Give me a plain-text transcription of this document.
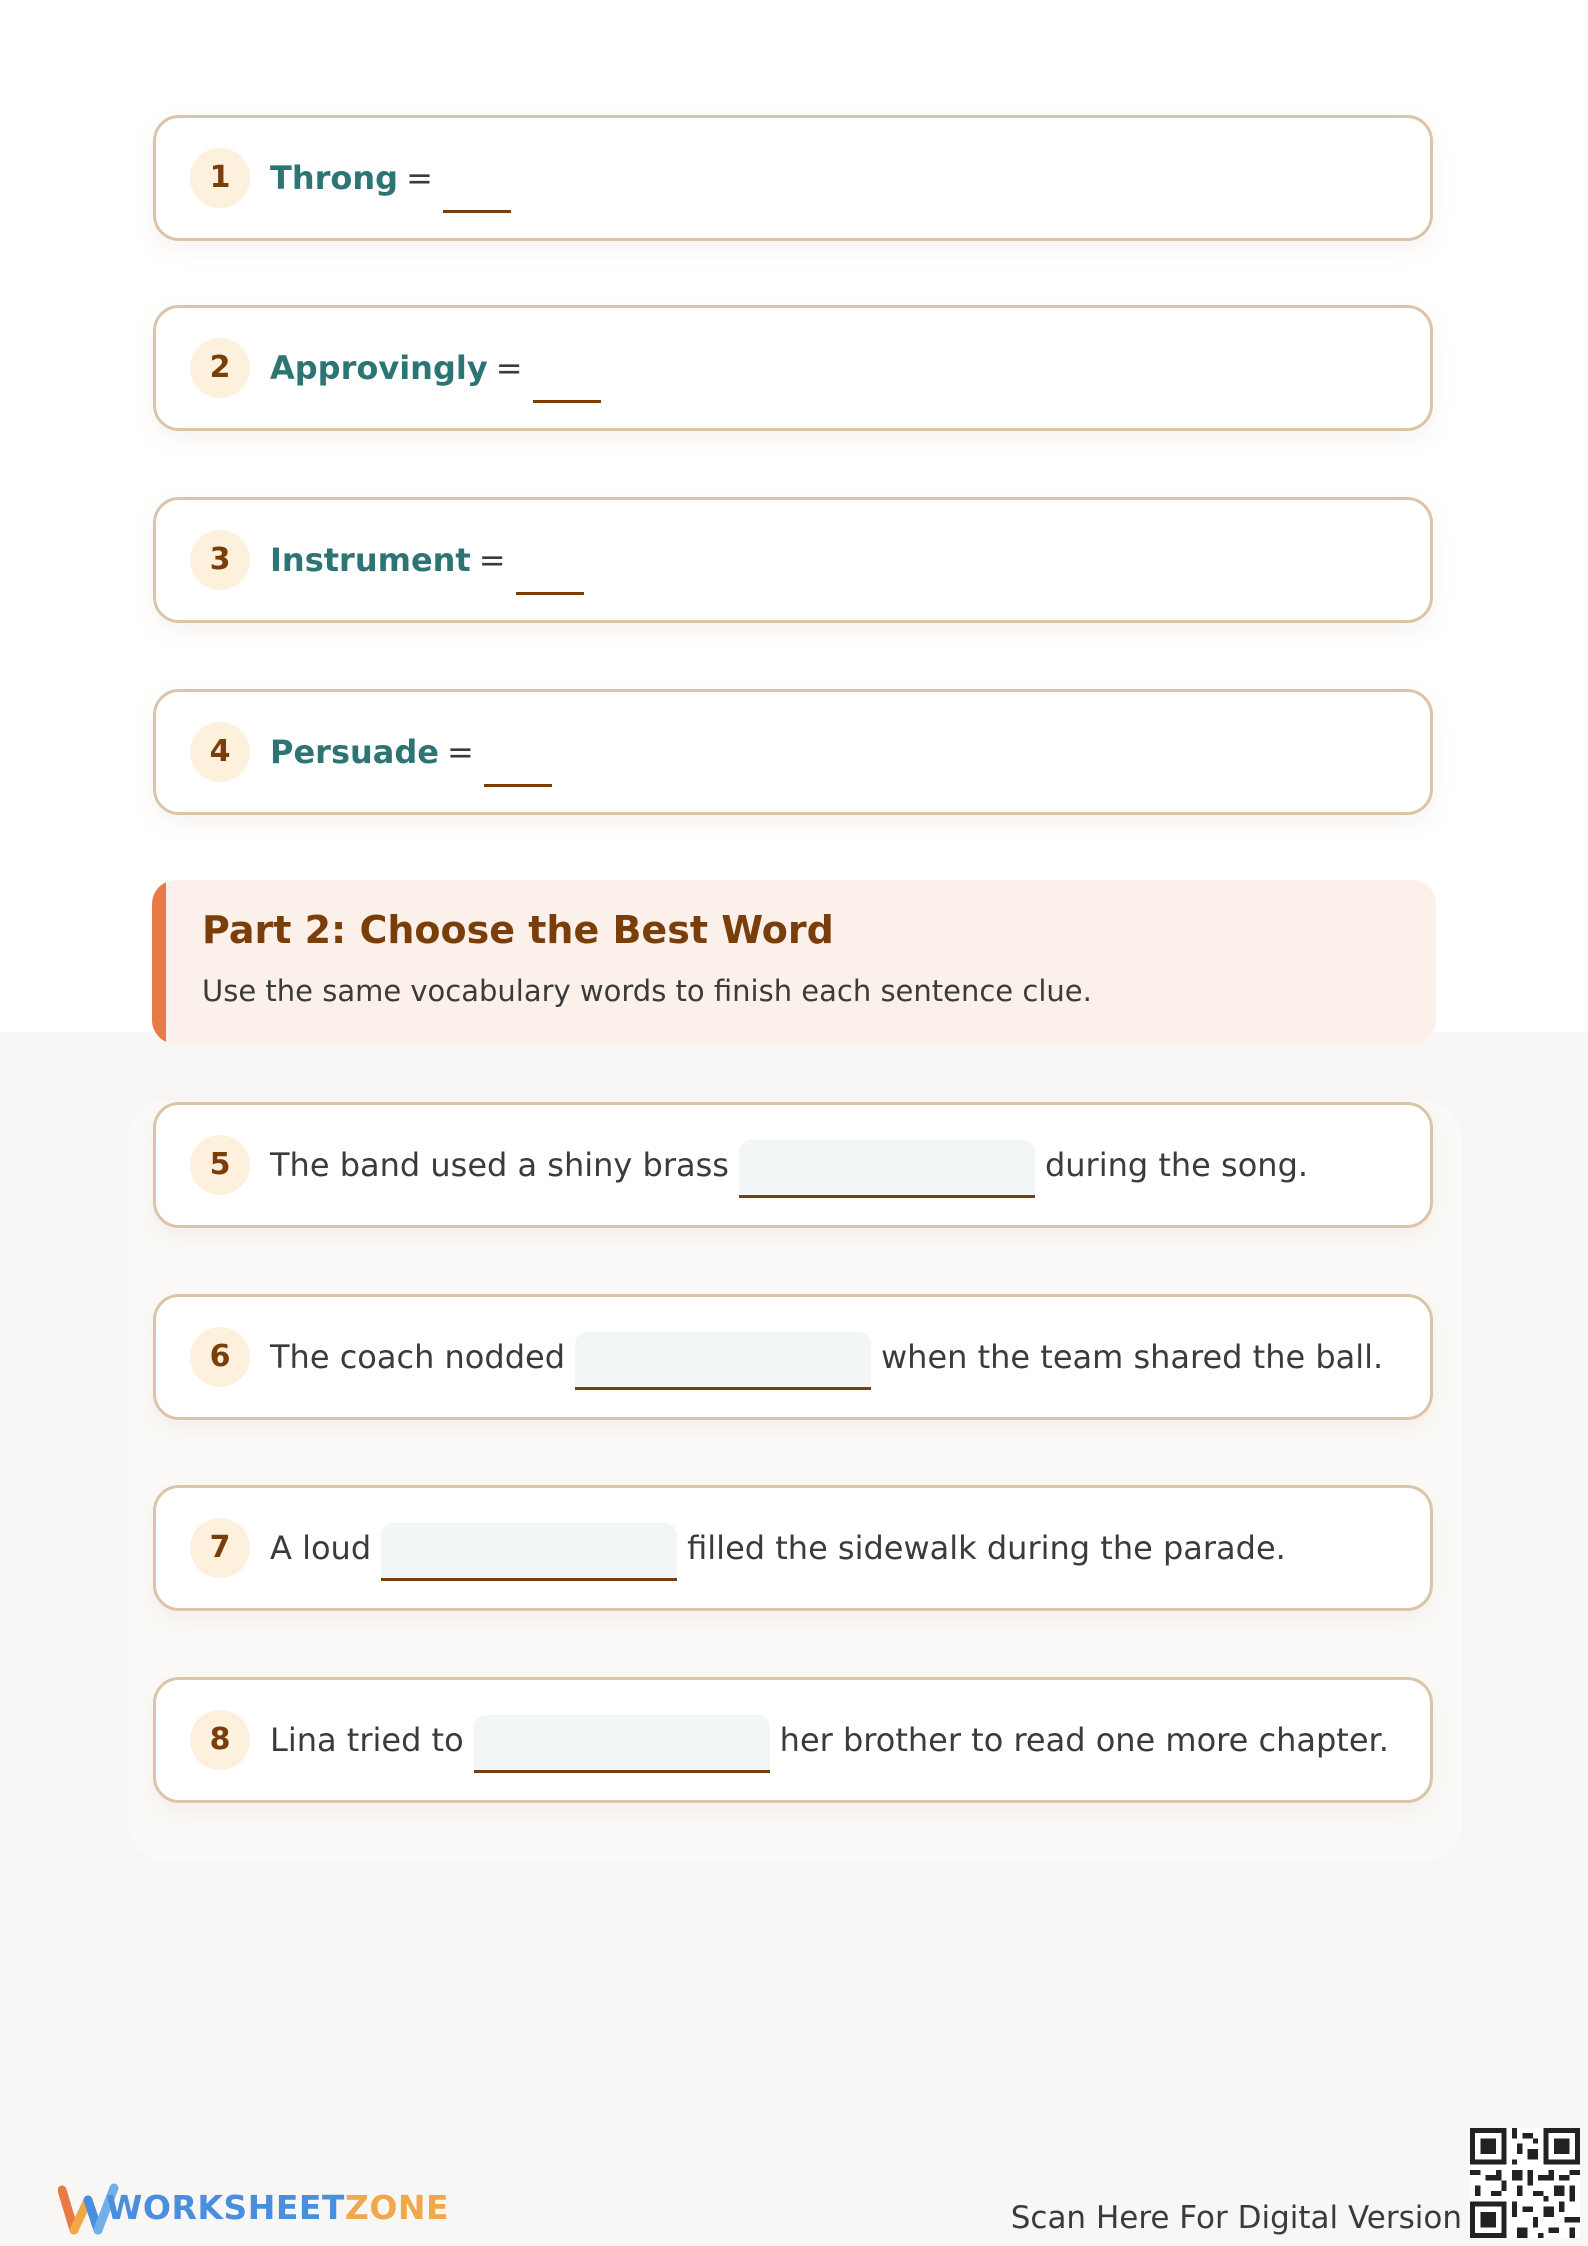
1	Throng =
2	Approvingly =
3	Instrument =
4	Persuade =
Part 2: Choose the Best Word
Use the same vocabulary words to finish each sentence clue.
5	The band used a shiny brass	during the song.
6	The coach nodded	when the team shared the ball.
7	A loud	filled the sidewalk during the parade.
8	Lina tried to	her brother to read one more chapter.
WORKSHEETZONE	Scan Here For Digital Version
